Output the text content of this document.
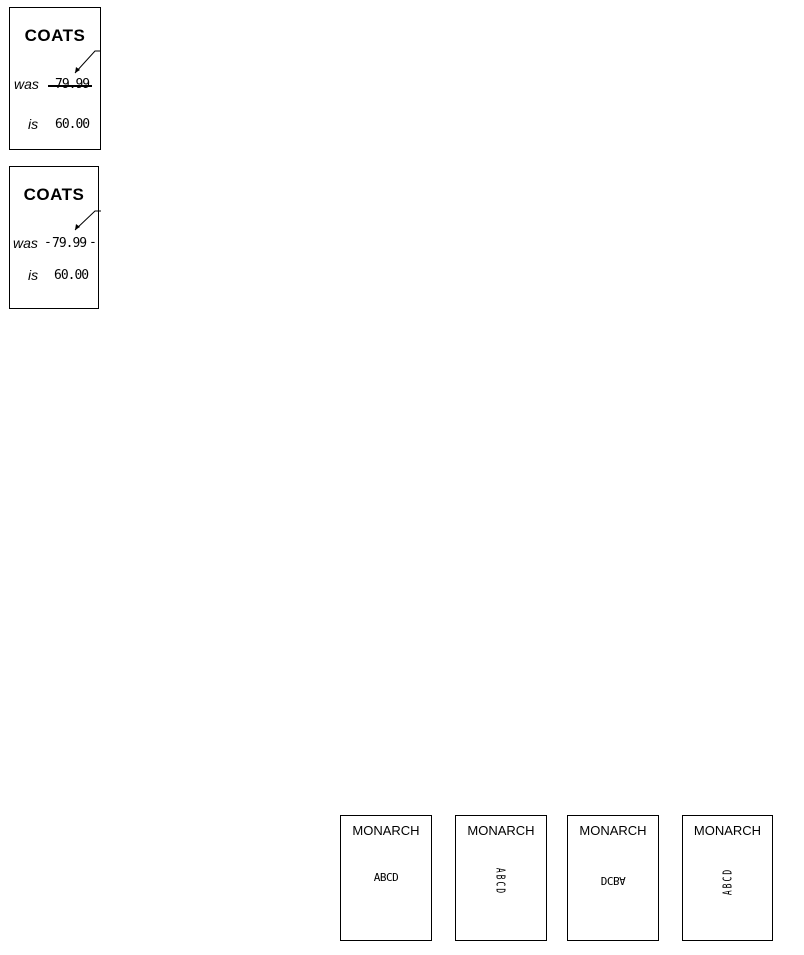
COATS
was
is 60.00
COATS
was - 79.99 -
is 60.00
MONARCH
ABCD
MONARCH
ABCD
MONARCH
DCBA
MONARCH
ABCD
